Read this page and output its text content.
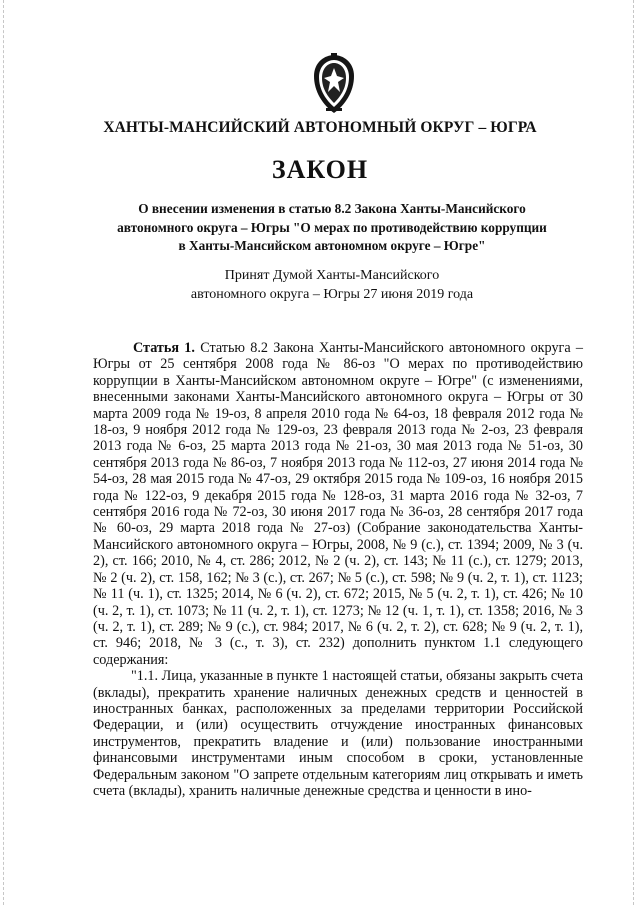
ХАНТЫ-МАНСИЙСКИЙ АВТОНОМНЫЙ ОКРУГ – ЮГРА
ЗАКОН
О внесении изменения в статью 8.2 Закона Ханты-Мансийского
автономного округа – Югры "О мерах по противодействию коррупции
в Ханты-Мансийском автономном округе – Югре"
Принят Думой Ханты-Мансийского
автономного округа – Югры 27 июня 2019 года

Статья 1. Статью 8.2 Закона Ханты-Мансийского автономного округа – Югры от 25 сентября 2008 года № 86-оз "О мерах по противодействию коррупции в Ханты-Мансийском автономном округе – Югре" (с изменениями, внесенными законами Ханты-Мансийского автономного округа – Югры от 30 марта 2009 года № 19-оз, 8 апреля 2010 года № 64-оз, 18 февраля 2012 года № 18-оз, 9 ноября 2012 года № 129-оз, 23 февраля 2013 года № 2-оз, 23 февраля 2013 года № 6-оз, 25 марта 2013 года № 21-оз, 30 мая 2013 года № 51-оз, 30 сентября 2013 года № 86-оз, 7 ноября 2013 года № 112-оз, 27 июня 2014 года № 54-оз, 28 мая 2015 года № 47-оз, 29 октября 2015 года № 109-оз, 16 ноября 2015 года № 122-оз, 9 декабря 2015 года № 128-оз, 31 марта 2016 года № 32-оз, 7 сентября 2016 года № 72-оз, 30 июня 2017 года № 36-оз, 28 сентября 2017 года № 60-оз, 29 марта 2018 года № 27-оз) (Собрание законодательства Ханты-Мансийского автономного округа – Югры, 2008, № 9 (с.), ст. 1394; 2009, № 3 (ч. 2), ст. 166; 2010, № 4, ст. 286; 2012, № 2 (ч. 2), ст. 143; № 11 (с.), ст. 1279; 2013, № 2 (ч. 2), ст. 158, 162; № 3 (с.), ст. 267; № 5 (с.), ст. 598; № 9 (ч. 2, т. 1), ст. 1123; № 11 (ч. 1), ст. 1325; 2014, № 6 (ч. 2), ст. 672; 2015, № 5 (ч. 2, т. 1), ст. 426; № 10 (ч. 2, т. 1), ст. 1073; № 11 (ч. 2, т. 1), ст. 1273; № 12 (ч. 1, т. 1), ст. 1358; 2016, № 3 (ч. 2, т. 1), ст. 289; № 9 (с.), ст. 984; 2017, № 6 (ч. 2, т. 2), ст. 628; № 9 (ч. 2, т. 1), ст. 946; 2018, № 3 (с., т. 3), ст. 232) дополнить пунктом 1.1 следующего содержания:

"1.1. Лица, указанные в пункте 1 настоящей статьи, обязаны закрыть счета (вклады), прекратить хранение наличных денежных средств и ценностей в иностранных банках, расположенных за пределами территории Российской Федерации, и (или) осуществить отчуждение иностранных финансовых инструментов, прекратить владение и (или) пользование иностранными финансовыми инструментами иным способом в сроки, установленные Федеральным законом "О запрете отдельным категориям лиц открывать и иметь счета (вклады), хранить наличные денежные средства и ценности в ино-
